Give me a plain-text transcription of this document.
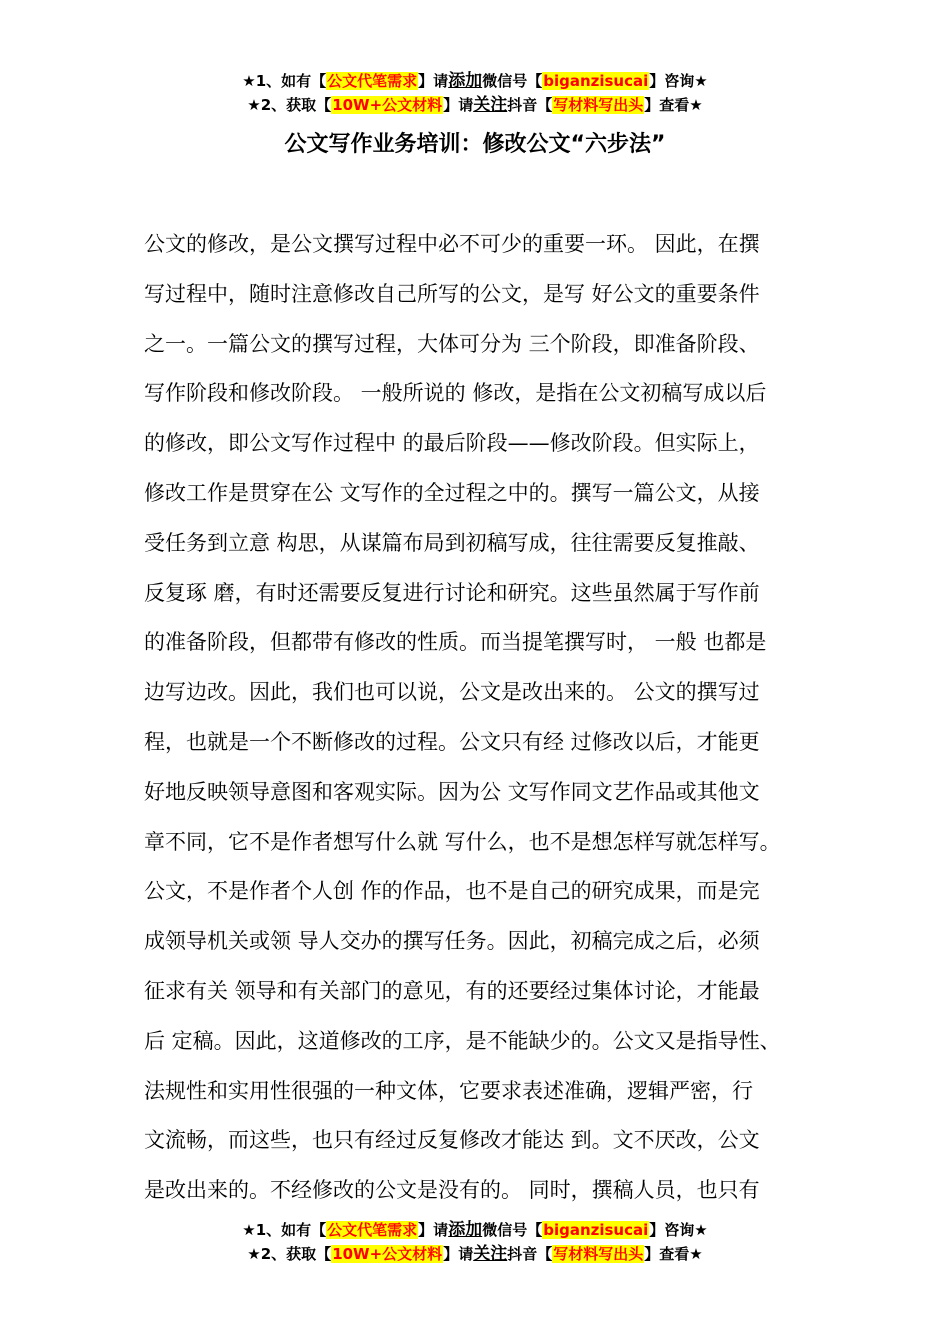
★1、如有【公文代笔需求】请添加微信号【biganzisucai】咨询★
★2、获取【10W+公文材料】请关注抖音【写材料写出头】查看★
公文写作业务培训：修改公文“六步法”
公文的修改，是公文撰写过程中必不可少的重要一环。 因此，在撰
写过程中，随时注意修改自己所写的公文，是写 好公文的重要条件
之一。一篇公文的撰写过程，大体可分为 三个阶段，即准备阶段、
写作阶段和修改阶段。 一般所说的 修改，是指在公文初稿写成以后
的修改，即公文写作过程中 的最后阶段——修改阶段。但实际上，
修改工作是贯穿在公 文写作的全过程之中的。撰写一篇公文，从接
受任务到立意 构思，从谋篇布局到初稿写成，往往需要反复推敲、
反复琢 磨，有时还需要反复进行讨论和研究。这些虽然属于写作前
的准备阶段，但都带有修改的性质。而当提笔撰写时， 一般 也都是
边写边改。因此，我们也可以说，公文是改出来的。 公文的撰写过
程，也就是一个不断修改的过程。公文只有经 过修改以后，才能更
好地反映领导意图和客观实际。因为公 文写作同文艺作品或其他文
章不同，它不是作者想写什么就 写什么，也不是想怎样写就怎样写。
公文，不是作者个人创 作的作品，也不是自己的研究成果，而是完
成领导机关或领 导人交办的撰写任务。因此，初稿完成之后，必须
征求有关 领导和有关部门的意见，有的还要经过集体讨论，才能最
后 定稿。因此，这道修改的工序，是不能缺少的。公文又是指导性、
法规性和实用性很强的一种文体，它要求表述准确，逻辑严密，行
文流畅，而这些，也只有经过反复修改才能达 到。文不厌改，公文
是改出来的。不经修改的公文是没有的。 同时，撰稿人员，也只有
★1、如有【公文代笔需求】请添加微信号【biganzisucai】咨询★
★2、获取【10W+公文材料】请关注抖音【写材料写出头】查看★
